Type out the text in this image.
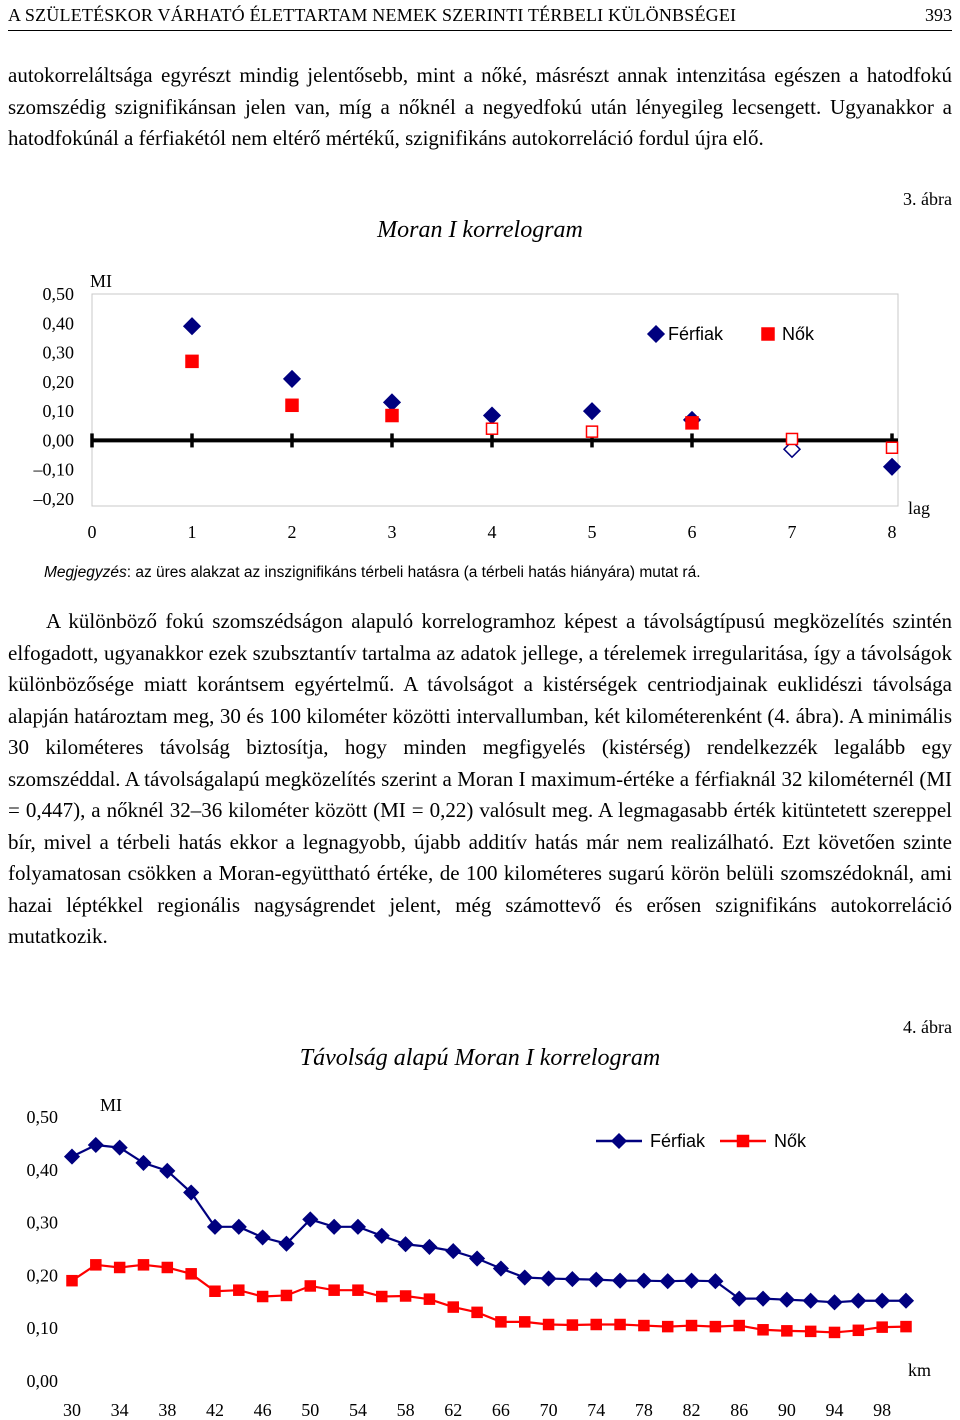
A SZÜLETÉSKOR VÁRHATÓ ÉLETTARTAM NEMEK SZERINTI TÉRBELI KÜLÖNBSÉGEI	393

autokorreláltsága egyrészt mindig jelentősebb, mint a nőké, másrészt annak intenzitása egészen a hatodfokú szomszédig szignifikánsan jelen van, míg a nőknél a negyedfokú után lényegileg lecsengett. Ugyanakkor a hatodfokúnál a férfiakétól nem eltérő mértékű, szignifikáns autokorreláció fordul újra elő.

3. ábra
Moran I korrelogram
MI
0,50
0,40
0,30
0,20
0,10
0,00
–0,10
–0,20
0	1	2	3	4	5	6	7	8
lag
Férfiak	Nők
Megjegyzés: az üres alakzat az inszignifikáns térbeli hatásra (a térbeli hatás hiányára) mutat rá.

A különböző fokú szomszédságon alapuló korrelogramhoz képest a távolságtípusú megközelítés szintén elfogadott, ugyanakkor ezek szubsztantív tartalma az adatok jellege, a térelemek irregularitása, így a távolságok különbözősége miatt korántsem egyértelmű. A távolságot a kistérségek centriodjainak euklidészi távolsága alapján határoztam meg, 30 és 100 kilométer közötti intervallumban, két kilométerenként (4. ábra). A minimális 30 kilométeres távolság biztosítja, hogy minden megfigyelés (kistérség) rendelkezzék legalább egy szomszéddal. A távolságalapú megközelítés szerint a Moran I maximum-értéke a férfiaknál 32 kilométernél (MI = 0,447), a nőknél 32–36 kilométer között (MI = 0,22) valósult meg. A legmagasabb érték kitüntetett szereppel bír, mivel a térbeli hatás ekkor a legnagyobb, újabb additív hatás már nem realizálható. Ezt követően szinte folyamatosan csökken a Moran-együttható értéke, de 100 kilométeres sugarú körön belüli szomszédoknál, ami hazai léptékkel regionális nagyságrendet jelent, még számottevő és erősen szignifikáns autokorreláció mutatkozik.

4. ábra
Távolság alapú Moran I korrelogram
MI
0,50
0,40
0,30
0,20
0,10
0,00
30 34 38 42 46 50 54 58 62 66 70 74 78 82 86 90 94 98
km
Férfiak	Nők
